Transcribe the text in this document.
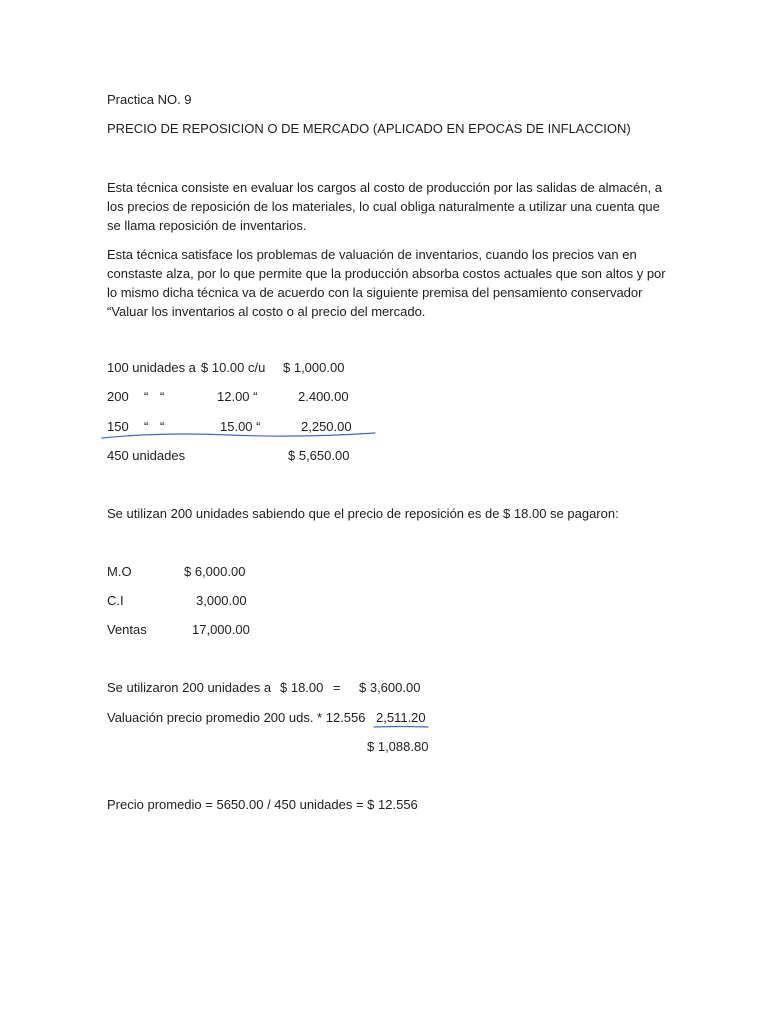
Practica NO. 9
PRECIO DE REPOSICION O DE MERCADO (APLICADO EN EPOCAS DE INFLACCION)
Esta técnica consiste en evaluar los cargos al costo de producción por las salidas de almacén, a los precios de reposición de los materiales, lo cual obliga naturalmente a utilizar una cuenta que se llama reposición de inventarios.
Esta técnica satisface los problemas de valuación de inventarios, cuando los precios van en constaste alza, por lo que permite que la producción absorba costos actuales que son altos y por lo mismo dicha técnica va de acuerdo con la siguiente premisa del pensamiento conservador “Valuar los inventarios al costo o al precio del mercado.
100 unidades a $ 10.00 c/u $ 1,000.00
200 “ “	12.00 “	2.400.00
150 “ “	15.00 “	2,250.00
450 unidades	$ 5,650.00
Se utilizan 200 unidades sabiendo que el precio de reposición es de $ 18.00 se pagaron:
M.O	$ 6,000.00
C.I	3,000.00
Ventas	17,000.00
Se utilizaron 200 unidades a $ 18.00 = $ 3,600.00
Valuación precio promedio 200 uds. * 12.556 2,511.20
$ 1,088.80
Precio promedio = 5650.00 / 450 unidades = $ 12.556
